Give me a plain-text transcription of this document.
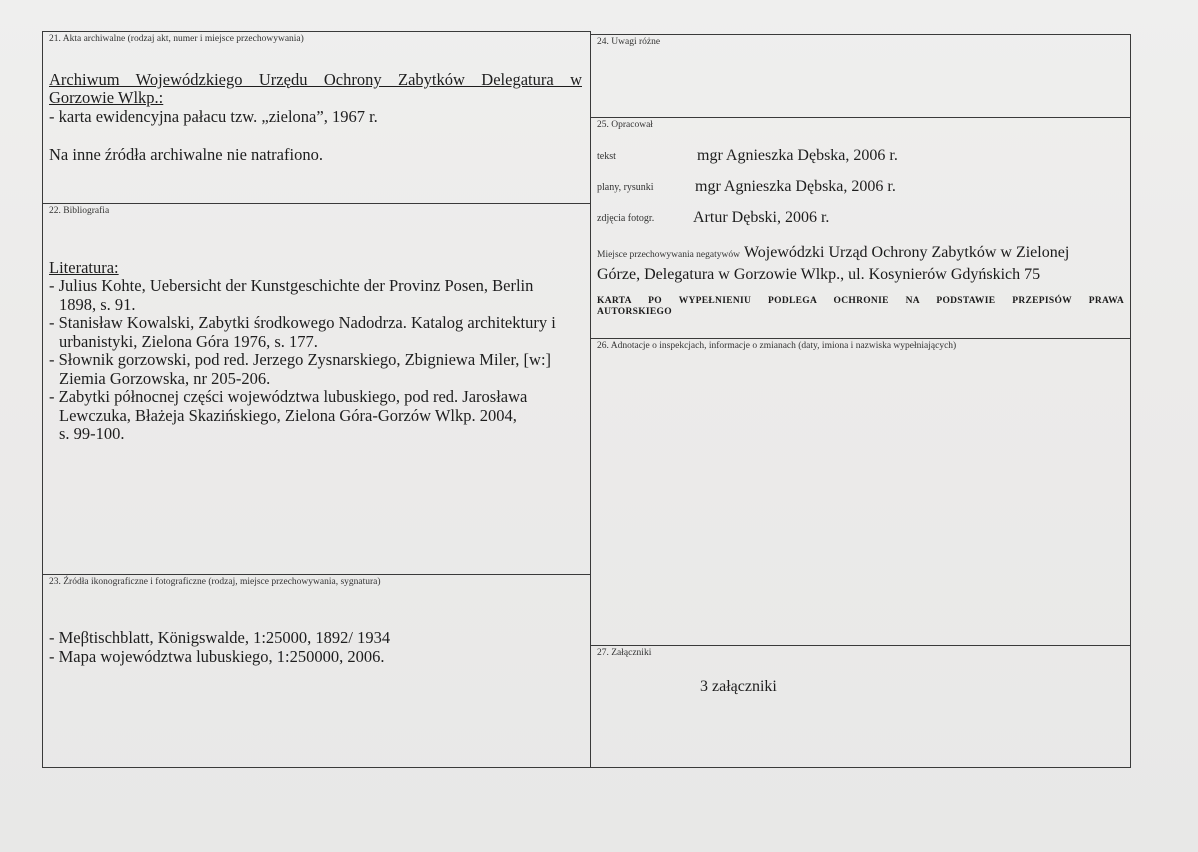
21. Akta archiwalne (rodzaj akt, numer i miejsce przechowywania)
Archiwum Wojewódzkiego Urzędu Ochrony Zabytków Delegatura w
Gorzowie Wlkp.:
- karta ewidencyjna pałacu tzw. „zielona”, 1967 r.
Na inne źródła archiwalne nie natrafiono.
22. Bibliografia
Literatura:
- Julius Kohte, Uebersicht der Kunstgeschichte der Provinz Posen, Berlin
1898, s. 91.
- Stanisław Kowalski, Zabytki środkowego Nadodrza. Katalog architektury i
urbanistyki, Zielona Góra 1976, s. 177.
- Słownik gorzowski, pod red. Jerzego Zysnarskiego, Zbigniewa Miler, [w:]
Ziemia Gorzowska, nr 205-206.
- Zabytki północnej części województwa lubuskiego, pod red. Jarosława
Lewczuka, Błażeja Skazińskiego, Zielona Góra-Gorzów Wlkp. 2004,
s. 99-100.
23. Źródła ikonograficzne i fotograficzne (rodzaj, miejsce przechowywania, sygnatura)
- Meβtischblatt, Königswalde, 1:25000, 1892/ 1934
- Mapa województwa lubuskiego, 1:250000, 2006.
24. Uwagi różne
25. Opracował
tekst	mgr Agnieszka Dębska, 2006 r.
plany, rysunki	mgr Agnieszka Dębska, 2006 r.
zdjęcia fotogr. Artur Dębski, 2006 r.
Miejsce przechowywania negatywów Wojewódzki Urząd Ochrony Zabytków w Zielonej
Górze, Delegatura w Gorzowie Wlkp., ul. Kosynierów Gdyńskich 75
KARTA PO WYPEŁNIENIU PODLEGA OCHRONIE NA PODSTAWIE PRZEPISÓW PRAWA
AUTORSKIEGO
26. Adnotacje o inspekcjach, informacje o zmianach (daty, imiona i nazwiska wypełniających)
27. Załączniki
3 załączniki
